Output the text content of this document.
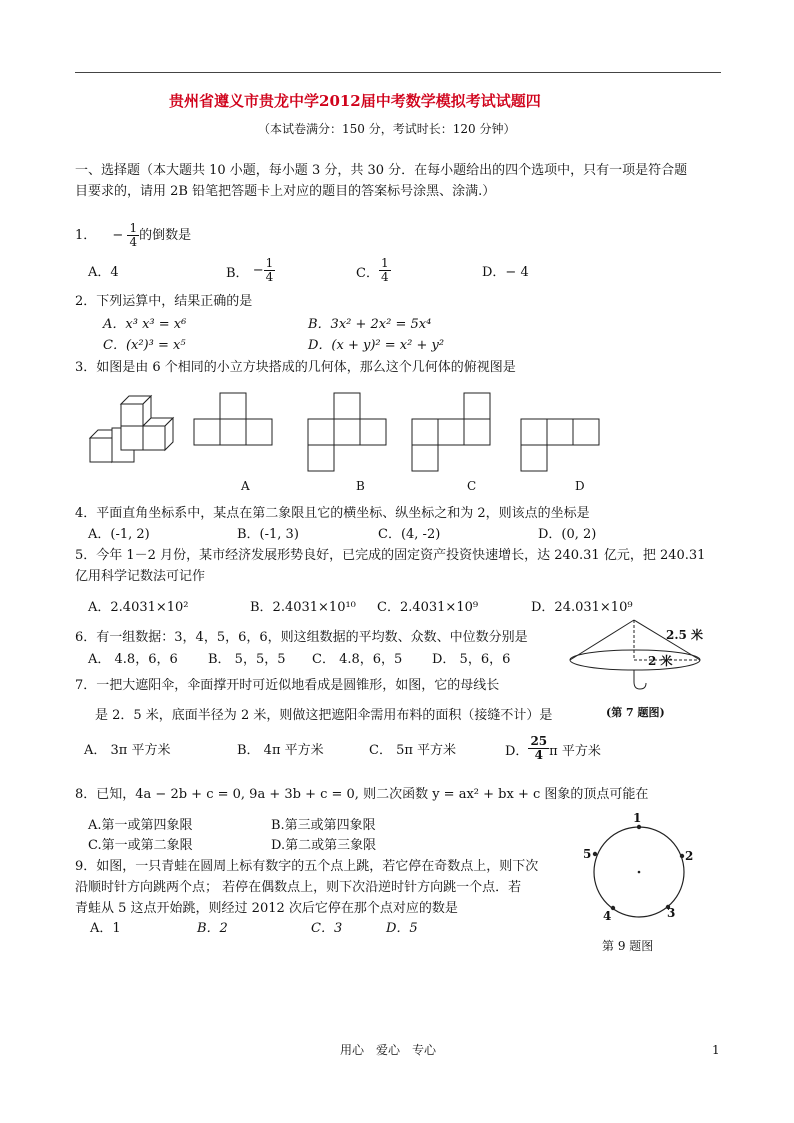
贵州省遵义市贵龙中学2012届中考数学模拟考试试题四
（本试卷满分：150 分，考试时长：120 分钟）
一、选择题（本大题共 10 小题，每小题 3 分，共 30 分．在每小题给出的四个选项中，只有一项是符合题
目要求的，请用 2B 铅笔把答题卡上对应的题目的答案标号涂黑、涂满.）
1． − $\frac{1}{4}$ 的倒数是
A．4	B． − $\frac{1}{4}$	C． $\frac{1}{4}$	D．− 4
2．下列运算中，结果正确的是
A．x³ x³ = x⁶	B．3x² + 2x² = 5x⁴
C．(x²)³ = x⁵	D．(x + y)² = x² + y²
3．如图是由 6 个相同的小立方块搭成的几何体，那么这个几何体的俯视图是
A	B	C	D
4．平面直角坐标系中，某点在第二象限且它的横坐标、纵坐标之和为 2，则该点的坐标是
A．(-1, 2)	B．(-1, 3)	C．(4, -2)	D．(0, 2)
5．今年 1－2 月份，某市经济发展形势良好，已完成的固定资产投资快速增长，达 240.31 亿元，把 240.31
亿用科学记数法可记作
A．2.4031×10²	B．2.4031×10¹⁰ C．2.4031×10⁹	D．24.031×10⁹
6．有一组数据：3，4，5，6，6，则这组数据的平均数、众数、中位数分别是
A． 4.8，6，6 B． 5，5，5 C． 4.8，6，5 D． 5，6，6
2.5 米
2 米
(第 7 题图)
7．一把大遮阳伞，伞面撑开时可近似地看成是圆锥形，如图，它的母线长
是 2．5 米，底面半径为 2 米，则做这把遮阳伞需用布料的面积（接缝不计）是
A． 3π 平方米	B． 4π 平方米	C． 5π 平方米	D． $\frac{25}{4}$ π 平方米
8．已知，4a − 2b + c = 0, 9a + 3b + c = 0, 则二次函数 y = ax² + bx + c 图象的顶点可能在
A.第一或第四象限	B.第三或第四象限
C.第一或第二象限	D.第二或第三象限
9．如图，一只青蛙在圆周上标有数字的五个点上跳，若它停在奇数点上，则下次
沿顺时针方向跳两个点； 若停在偶数点上，则下次沿逆时针方向跳一个点．若
青蛙从 5 这点开始跳，则经过 2012 次后它停在那个点对应的数是
A．1	B．2	C．3	D．5
1
2
3
4
5
第 9 题图
用心　爱心　专心	1
